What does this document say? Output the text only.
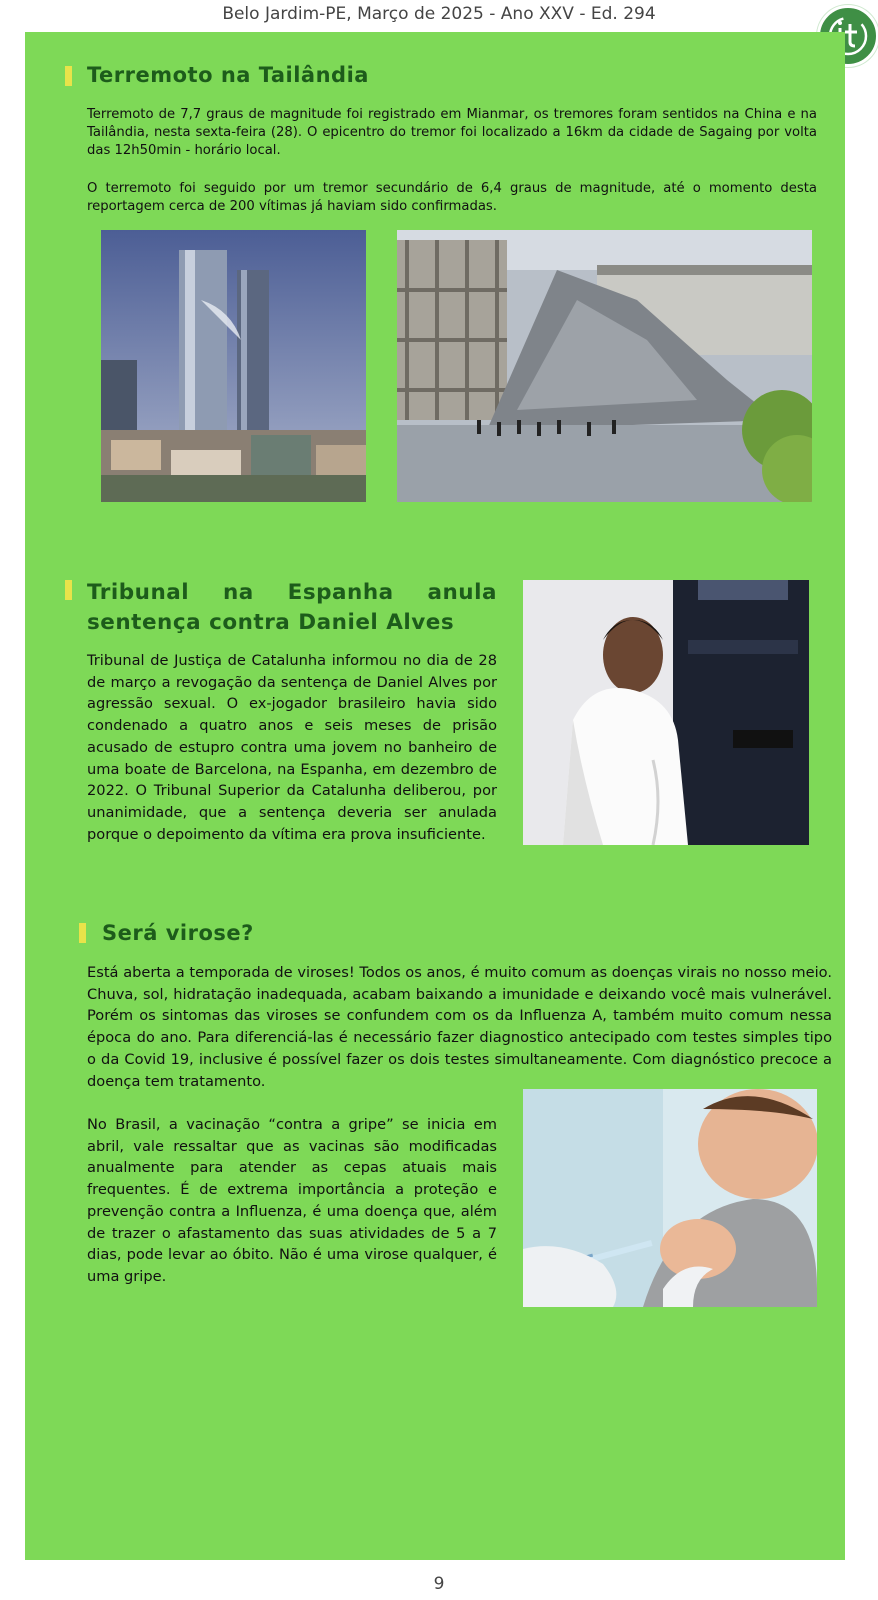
Belo Jardim-PE, Março de 2025 - Ano XXV - Ed. 294
Terremoto na Tailândia

Terremoto de 7,7 graus de magnitude foi registrado em Mianmar, os tremores foram sentidos na China e na Tailândia, nesta sexta-feira (28). O epicentro do tremor foi localizado a 16km da cidade de Sagaing por volta das 12h50min - horário local.

O terremoto foi seguido por um tremor secundário de 6,4 graus de magnitude, até o momento desta reportagem cerca de 200 vítimas já haviam sido confirmadas.

Tribunal na Espanha anula sentença contra Daniel Alves

Tribunal de Justiça de Catalunha informou no dia de 28 de março a revogação da sentença de Daniel Alves por agressão sexual. O ex-jogador brasileiro havia sido condenado a quatro anos e seis meses de prisão acusado de estupro contra uma jovem no banheiro de uma boate de Barcelona, na Espanha, em dezembro de 2022. O Tribunal Superior da Catalunha deliberou, por unanimidade, que a sentença deveria ser anulada porque o depoimento da vítima era prova insuficiente.

Será virose?

Está aberta a temporada de viroses! Todos os anos, é muito comum as doenças virais no nosso meio. Chuva, sol, hidratação inadequada, acabam baixando a imunidade e deixando você mais vulnerável. Porém os sintomas das viroses se confundem com os da Influenza A, também muito comum nessa época do ano. Para diferenciá-las é necessário fazer diagnostico antecipado com testes simples tipo o da Covid 19, inclusive é possível fazer os dois testes simultaneamente. Com diagnóstico precoce a doença tem tratamento.

No Brasil, a vacinação “contra a gripe” se inicia em abril, vale ressaltar que as vacinas são modificadas anualmente para atender as cepas atuais mais frequentes. É de extrema importância a proteção e prevenção contra a Influenza, é uma doença que, além de trazer o afastamento das suas atividades de 5 a 7 dias, pode levar ao óbito. Não é uma virose qualquer, é uma gripe.

9
